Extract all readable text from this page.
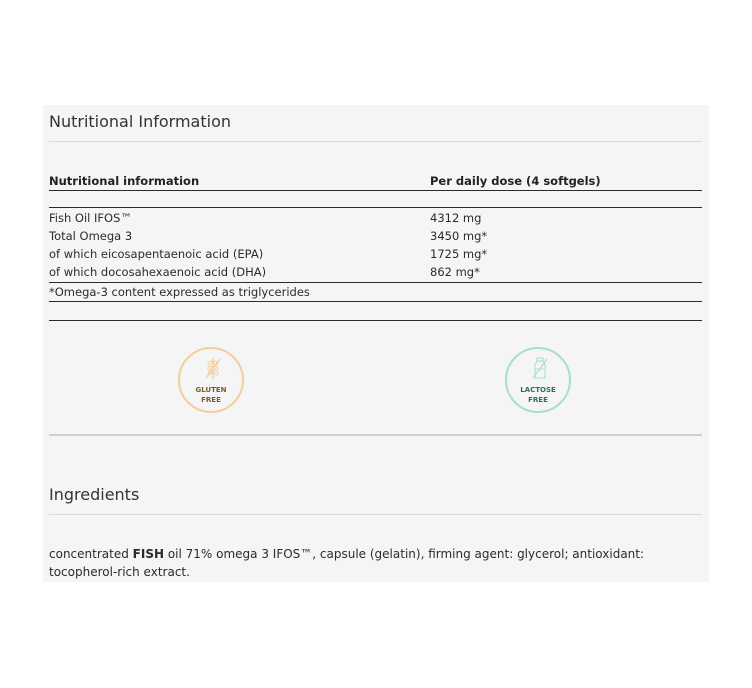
Nutritional Information
Nutritional information	Per daily dose (4 softgels)
Fish Oil IFOS™	4312 mg
Total Omega 3	3450 mg*
of which eicosapentaenoic acid (EPA)	1725 mg*
of which docosahexaenoic acid (DHA)	862 mg*
*Omega-3 content expressed as triglycerides
GLUTEN
FREE
LACTOSE
FREE
Ingredients
concentrated FISH oil 71% omega 3 IFOS™, capsule (gelatin), firming agent: glycerol; antioxidant: tocopherol-rich extract.
